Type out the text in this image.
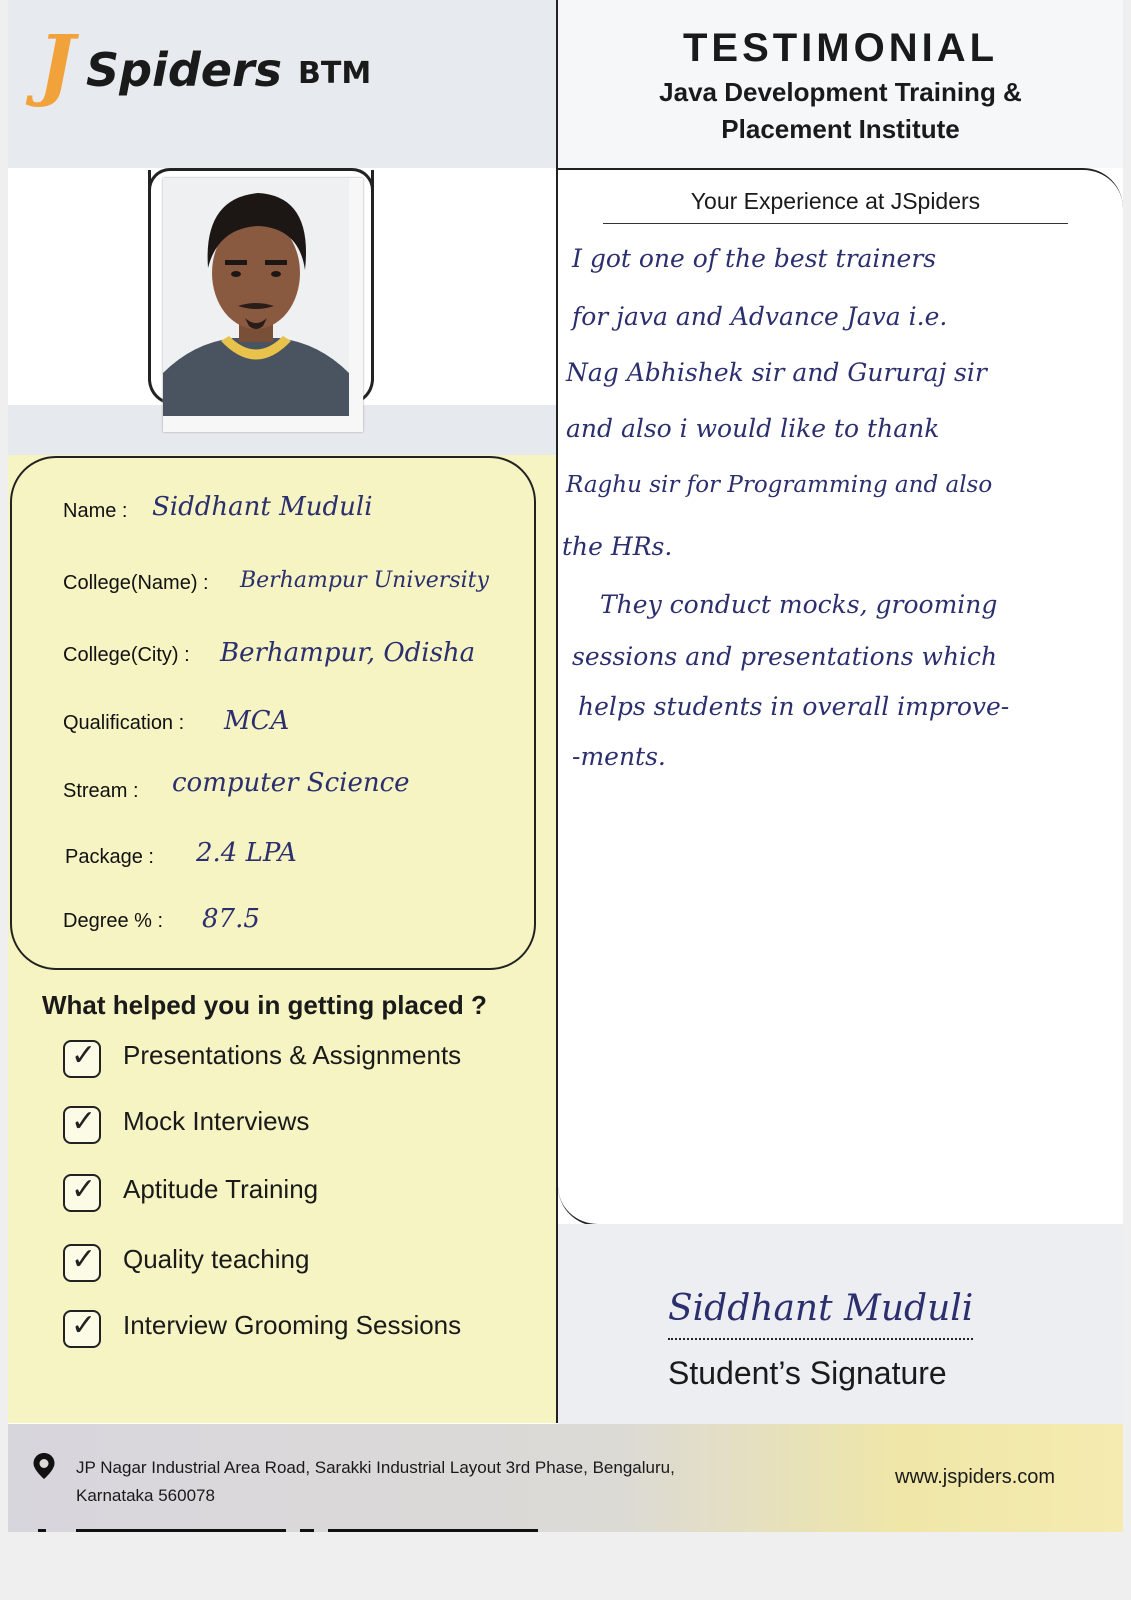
J Spiders BTM
TESTIMONIAL
Java Development Training &
Placement Institute
Name : Siddhant Muduli
College(Name) : Berhampur University
College(City) : Berhampur, Odisha
Qualification : MCA
Stream : computer Science
Package : 2.4 LPA
Degree % : 87.5
What helped you in getting placed ?
✓ Presentations & Assignments
✓ Mock Interviews
✓ Aptitude Training
✓ Quality teaching
✓ Interview Grooming Sessions
Your Experience at JSpiders
I got one of the best trainers
for java and Advance Java i.e.
Nag Abhishek sir and Gururaj sir
and also i would like to thank
Raghu sir for Programming and also
the HRs.
They conduct mocks, grooming
sessions and presentations which
helps students in overall improve-
-ments.
Siddhant Muduli
Student’s Signature
JP Nagar Industrial Area Road, Sarakki Industrial Layout 3rd Phase, Bengaluru,
Karnataka 560078
www.jspiders.com
